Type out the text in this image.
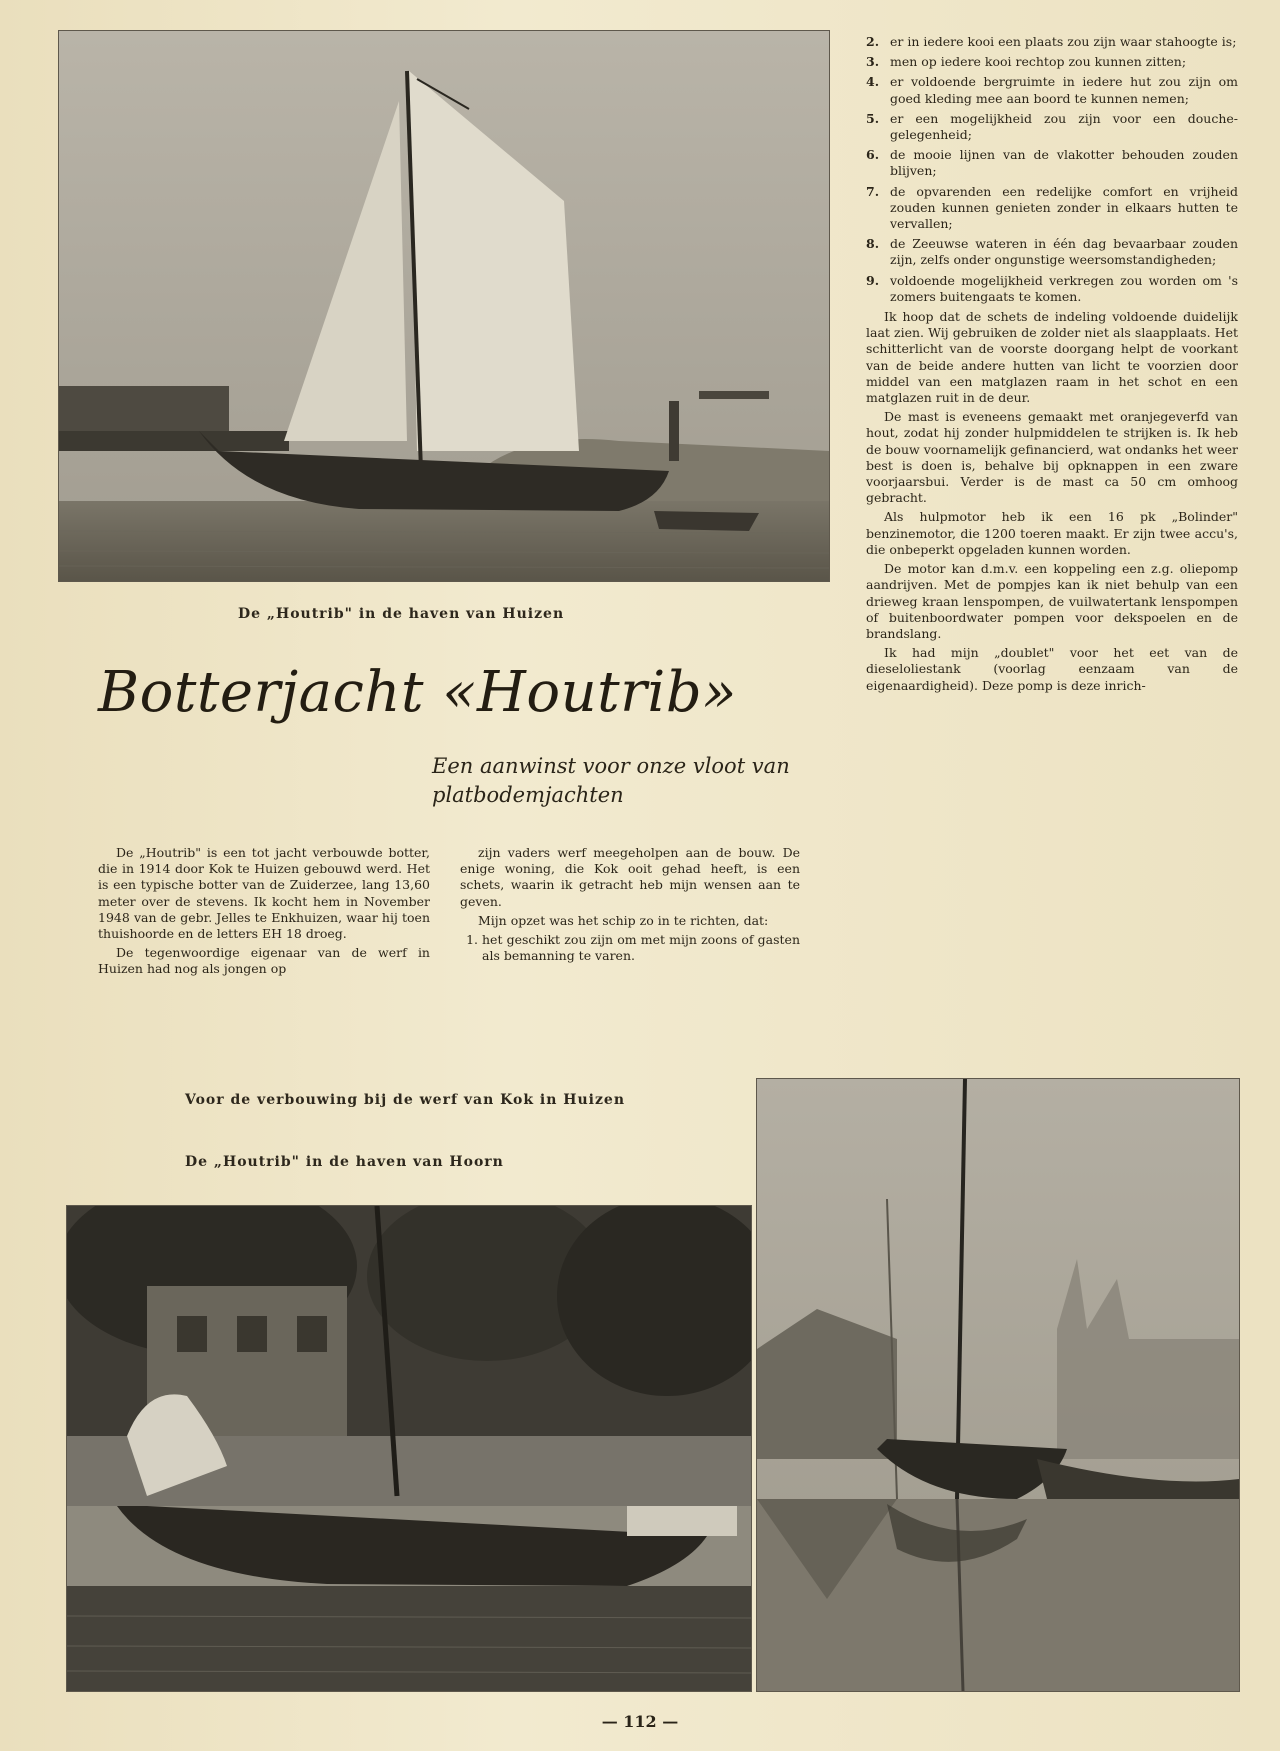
De „Houtrib" in de haven van Huizen
Botterjacht «Houtrib»
Een aanwinst voor onze vloot van platbodemjachten

De „Houtrib" is een tot jacht verbouwde botter, die in 1914 door Kok te Huizen gebouwd werd. Het is een typische botter van de Zuiderzee, lang 13,60 meter over de stevens. Ik kocht hem in November 1948 van de gebr. Jelles te Enkhuizen, waar hij toen thuishoorde en de letters EH 18 droeg.

De tegenwoordige eigenaar van de werf in Huizen had nog als jongen op

zijn vaders werf meegeholpen aan de bouw. De enige woning, die Kok ooit gehad heeft, is een schets, waarin ik getracht heb mijn wensen aan te geven.

Mijn opzet was het schip zo in te richten, dat:

1. het geschikt zou zijn om met mijn zoons of gasten als bemanning te varen.
2. er in iedere kooi een plaats zou zijn waar stahoogte is;
3. men op iedere kooi rechtop zou kunnen zitten;
4. er voldoende bergruimte in iedere hut zou zijn om goed kleding mee aan boord te kunnen nemen;
5. er een mogelijkheid zou zijn voor een douche-gelegenheid;
6. de mooie lijnen van de vlakotter behouden zouden blijven;
7. de opvarenden een redelijke comfort en vrijheid zouden kunnen genieten zonder in elkaars hutten te vervallen;
8. de Zeeuwse wateren in één dag bevaarbaar zouden zijn, zelfs onder ongunstige weersomstandigheden;
9. voldoende mogelijkheid verkregen zou worden om 's zomers buitengaats te komen.

Ik hoop dat de schets de indeling voldoende duidelijk laat zien. Wij gebruiken de zolder niet als slaapplaats. Het schitterlicht van de voorste doorgang helpt de voorkant van de beide andere hutten van licht te voorzien door middel van een matglazen raam in het schot en een matglazen ruit in de deur.

De mast is eveneens gemaakt met oranjegeverfd van hout, zodat hij zonder hulpmiddelen te strijken is. Ik heb de bouw voornamelijk gefinancierd, wat ondanks het weer best is doen is, behalve bij opknappen in een zware voorjaarsbui. Verder is de mast ca 50 cm omhoog gebracht.

Als hulpmotor heb ik een 16 pk „Bolinder" benzinemotor, die 1200 toeren maakt. Er zijn twee accu's, die onbeperkt opgeladen kunnen worden.

De motor kan d.m.v. een koppeling een z.g. oliepomp aandrijven. Met de pompjes kan ik niet behulp van een drieweg kraan lenspompen, de vuilwatertank lenspompen of buitenboordwater pompen voor dekspoelen en de brandslang.

Ik had mijn „doublet" voor het eet van de dieseloliestank (voorlag eenzaam van de eigenaardigheid). Deze pomp is deze inrich-

Voor de verbouwing bij de werf van Kok in Huizen
De „Houtrib" in de haven van Hoorn
— 112 —
